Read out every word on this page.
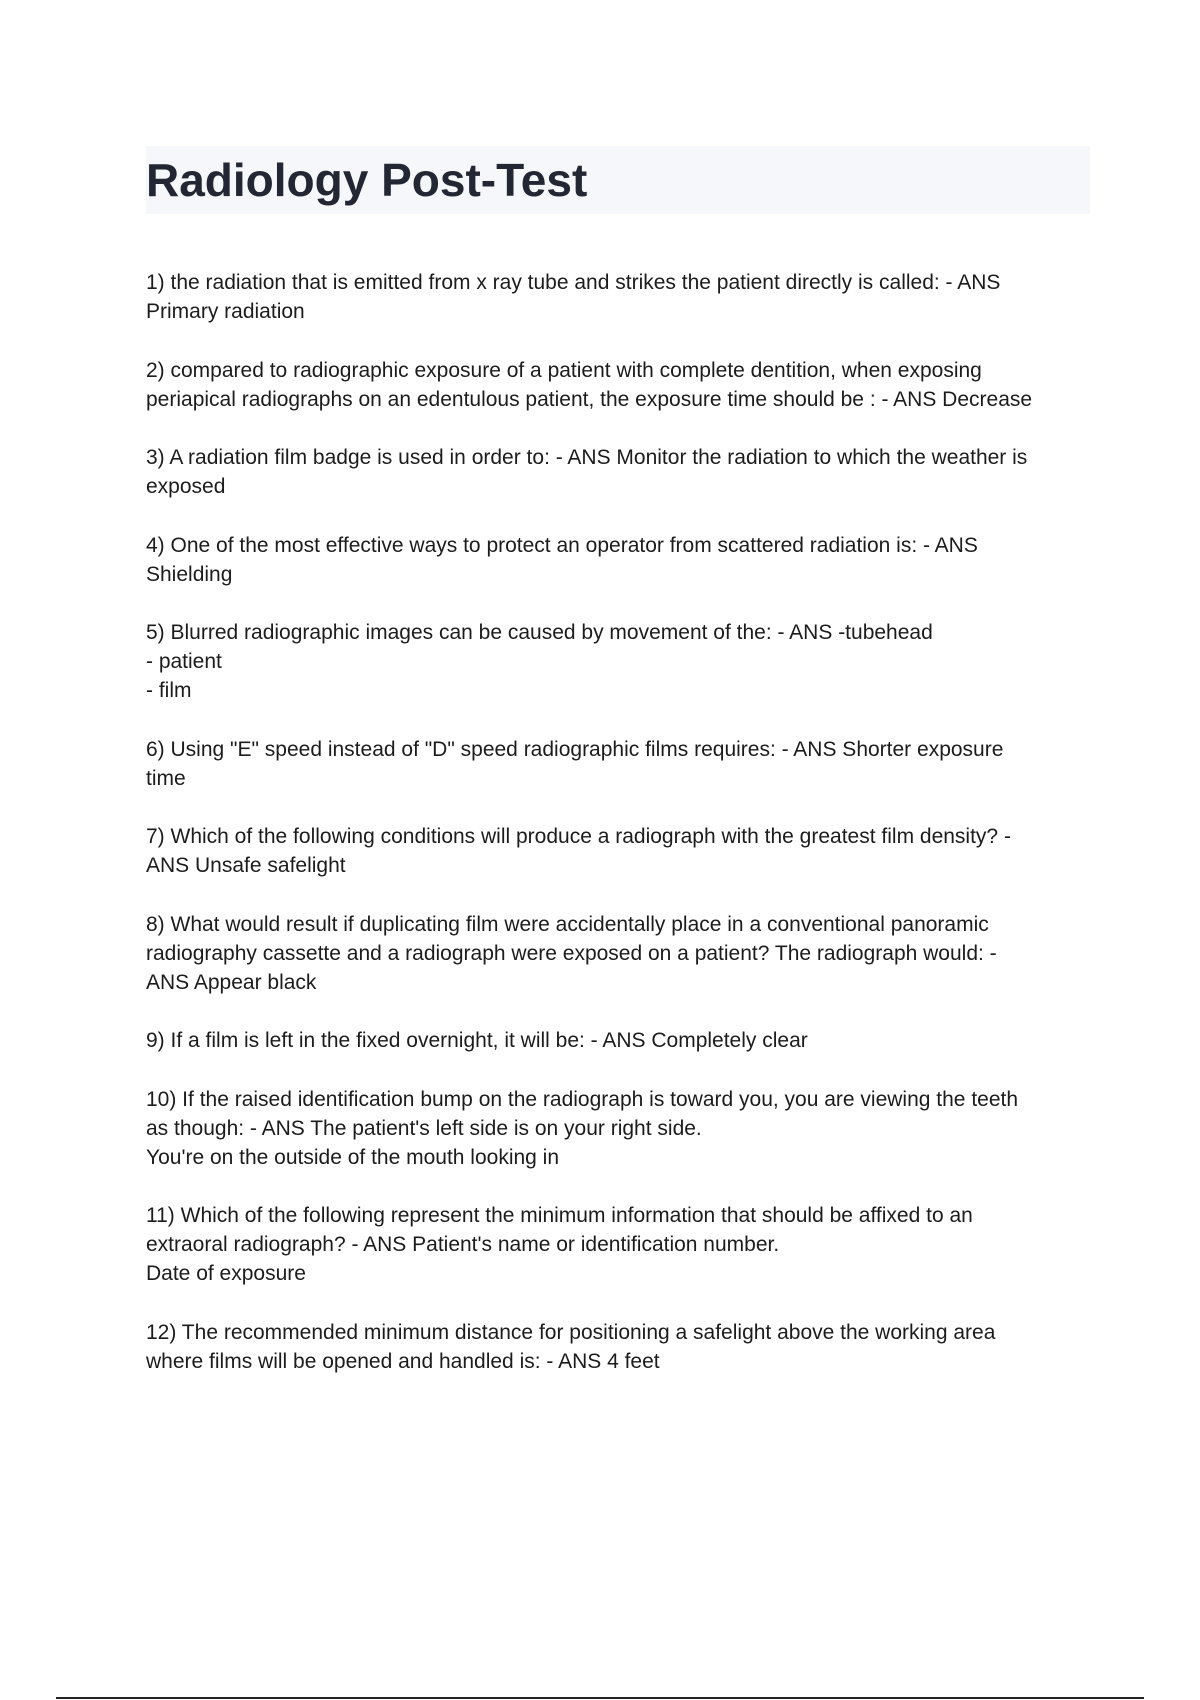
Radiology Post-Test
1) the radiation that is emitted from x ray tube and strikes the patient directly is called: - ANS
Primary radiation
2) compared to radiographic exposure of a patient with complete dentition, when exposing
periapical radiographs on an edentulous patient, the exposure time should be : - ANS Decrease
3) A radiation film badge is used in order to: - ANS Monitor the radiation to which the weather is
exposed
4) One of the most effective ways to protect an operator from scattered radiation is: - ANS
Shielding
5) Blurred radiographic images can be caused by movement of the: - ANS -tubehead
- patient
- film
6) Using "E" speed instead of "D" speed radiographic films requires: - ANS Shorter exposure
time
7) Which of the following conditions will produce a radiograph with the greatest film density? -
ANS Unsafe safelight
8) What would result if duplicating film were accidentally place in a conventional panoramic
radiography cassette and a radiograph were exposed on a patient? The radiograph would: -
ANS Appear black
9) If a film is left in the fixed overnight, it will be: - ANS Completely clear
10) If the raised identification bump on the radiograph is toward you, you are viewing the teeth
as though: - ANS The patient's left side is on your right side.
You're on the outside of the mouth looking in
11) Which of the following represent the minimum information that should be affixed to an
extraoral radiograph? - ANS Patient's name or identification number.
Date of exposure
12) The recommended minimum distance for positioning a safelight above the working area
where films will be opened and handled is: - ANS 4 feet
